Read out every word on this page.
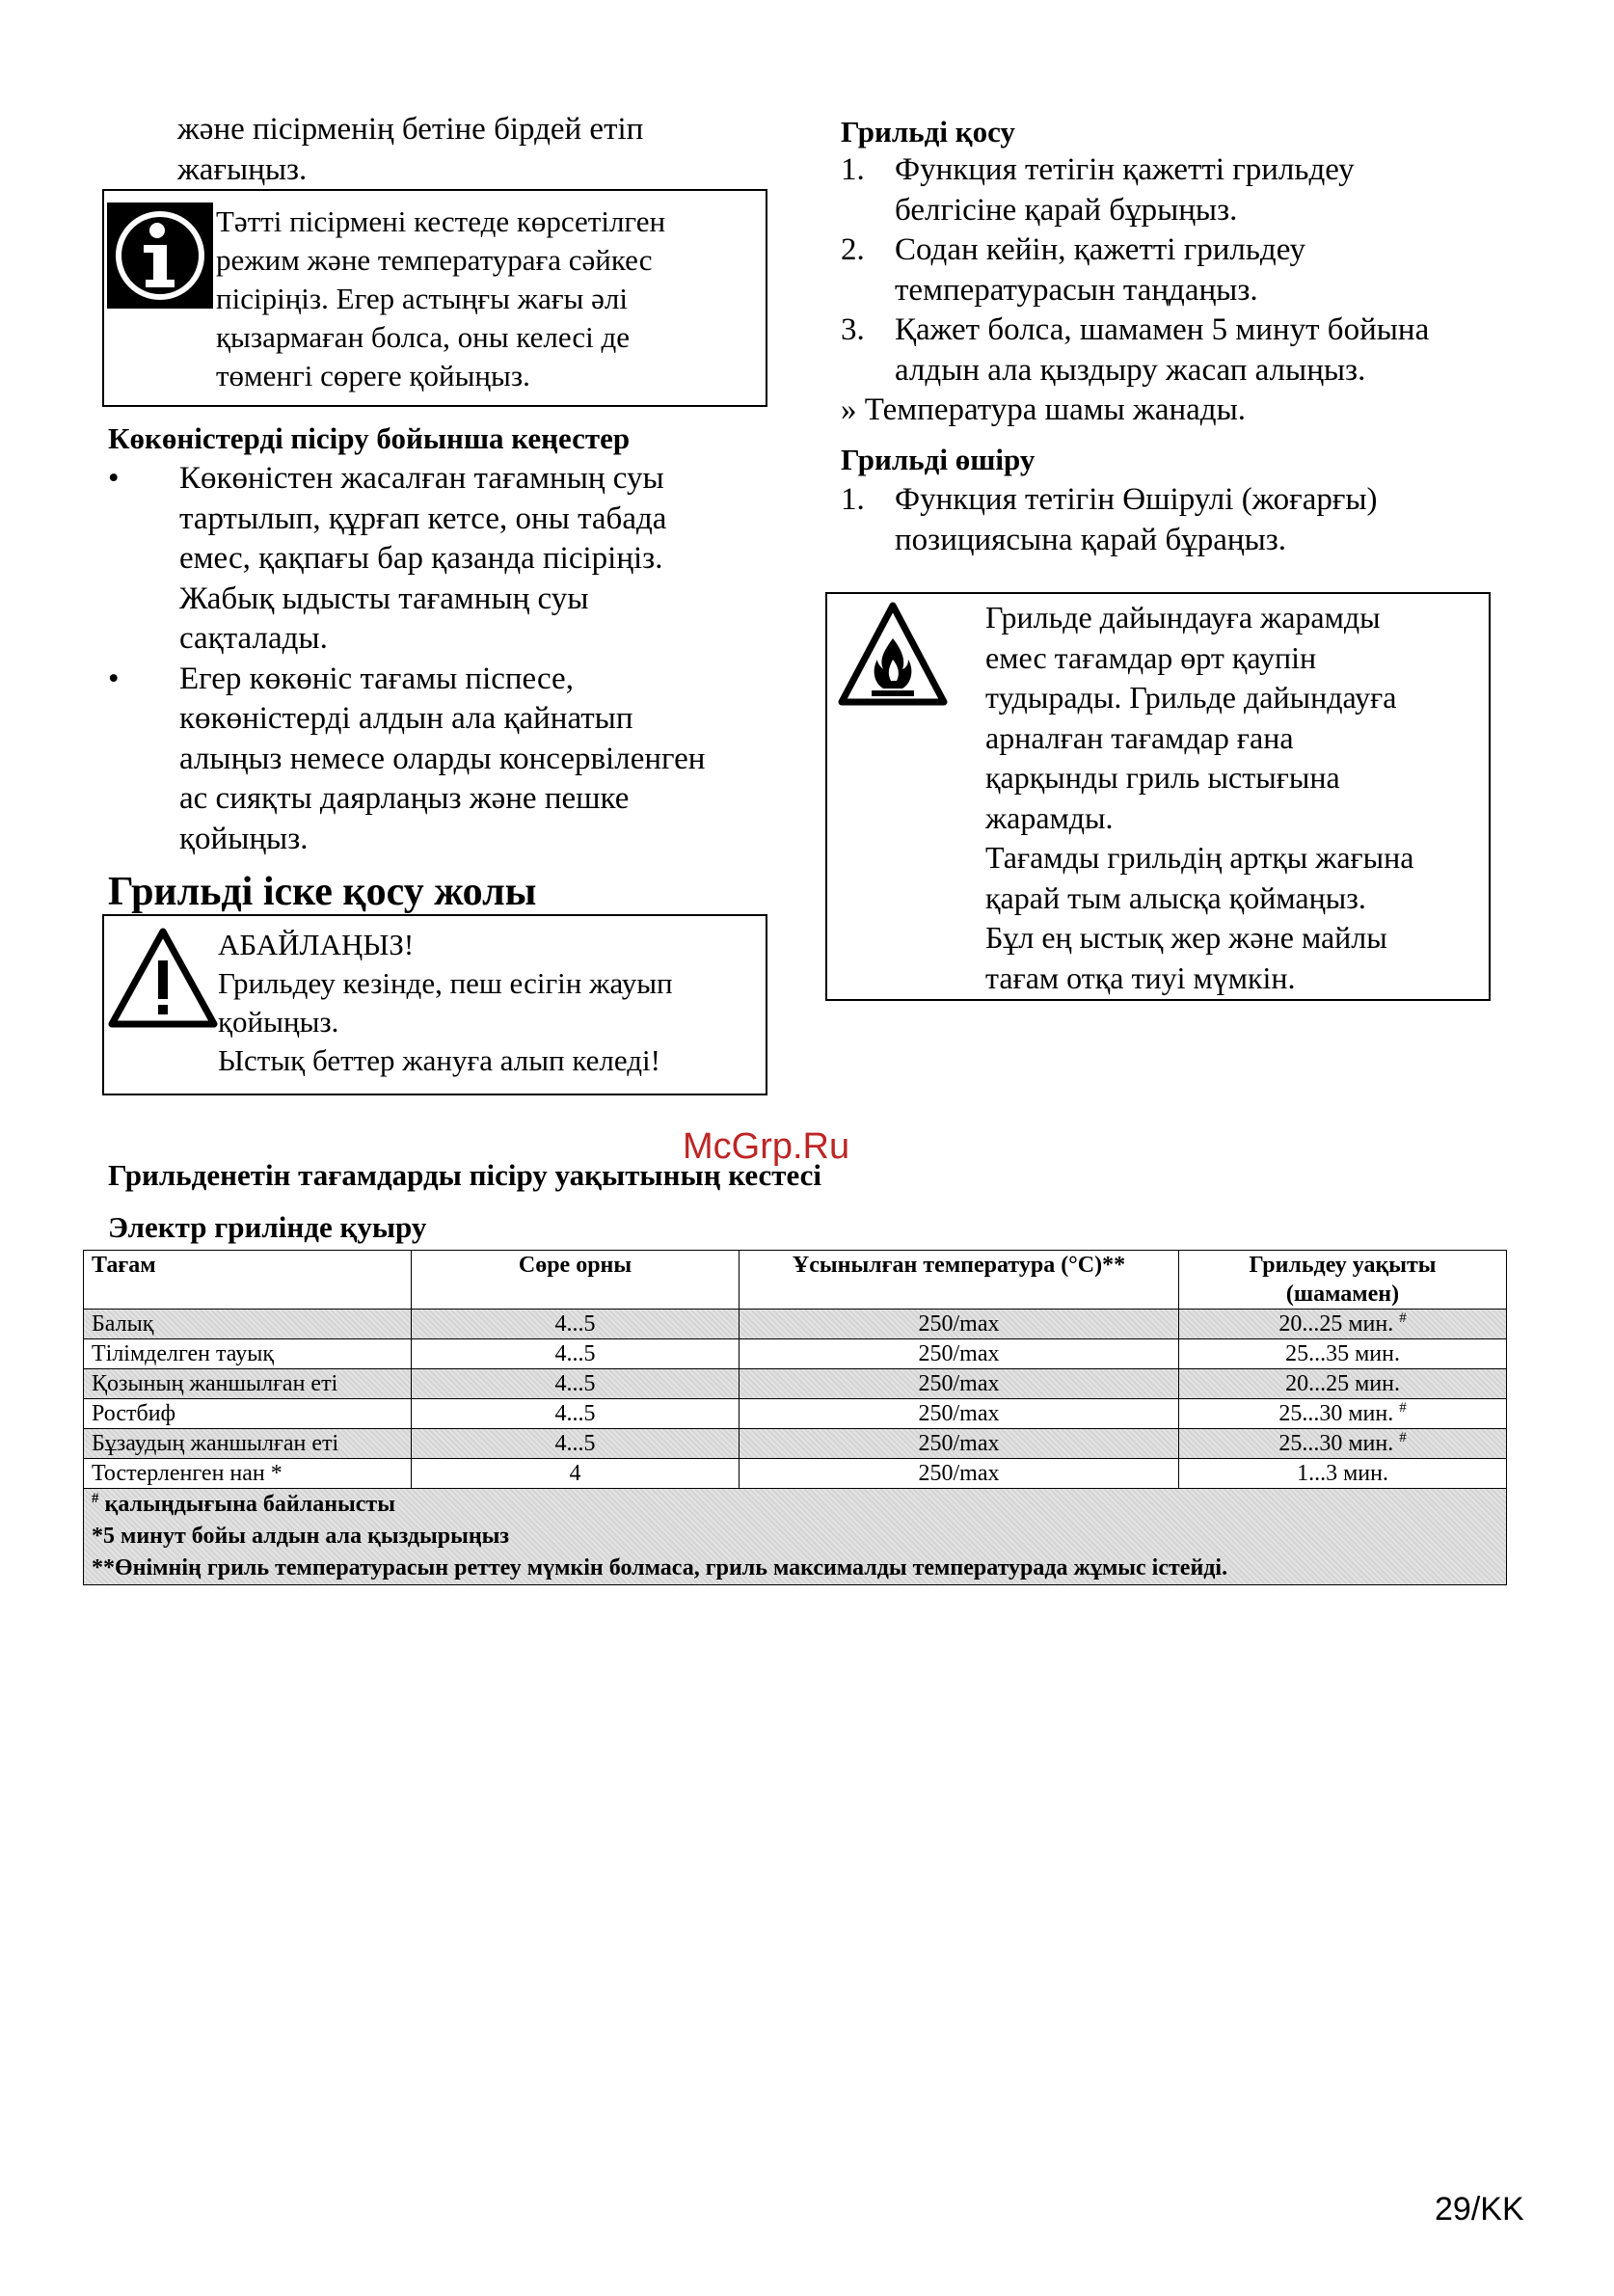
және пісірменің бетіне бірдей етіп
жағыңыз.
Тәтті пісірмені кестеде көрсетілген
режим және температураға сәйкес
пісіріңіз. Егер астыңғы жағы әлі
қызармаған болса, оны келесі де
төменгі сөреге қойыңыз.
Көкөністерді пісіру бойынша кеңестер
• Көкөністен жасалған тағамның суы
тартылып, құрғап кетсе, оны табада
емес, қақпағы бар қазанда пісіріңіз.
Жабық ыдысты тағамның суы
сақталады.
• Егер көкөніс тағамы піспесе,
көкөністерді алдын ала қайнатып
алыңыз немесе оларды консервіленген
ас сияқты даярлаңыз және пешке
қойыңыз.
Грильді іске қосу жолы
АБАЙЛАҢЫЗ!
Грильдеу кезінде, пеш есігін жауып
қойыңыз.
Ыстық беттер жануға алып келеді!
Грильді қосу
1. Функция тетігін қажетті грильдеу
белгісіне қарай бұрыңыз.
2. Содан кейін, қажетті грильдеу
температурасын таңдаңыз.
3. Қажет болса, шамамен 5 минут бойына
алдын ала қыздыру жасап алыңыз.
» Температура шамы жанады.
Грильді өшіру
1. Функция тетігін Өшірулі (жоғарғы)
позициясына қарай бұраңыз.
Грильде дайындауға жарамды
емес тағамдар өрт қаупін
тудырады. Грильде дайындауға
арналған тағамдар ғана
қарқынды гриль ыстығына
жарамды.
Тағамды грильдің артқы жағына
қарай тым алысқа қоймаңыз.
Бұл ең ыстық жер және майлы
тағам отқа тиуі мүмкін.
McGrp.Ru
Грильденетін тағамдарды пісіру уақытының кестесі
Электр грилінде қуыру
Тағам	Сөре орны	Ұсынылған температура (°C)**	Грильдеу уақыты (шамамен)
Балық	4...5	250/max	20...25 мин. #
Тілімделген тауық	4...5	250/max	25...35 мин.
Қозының жаншылған еті	4...5	250/max	20...25 мин.
Ростбиф	4...5	250/max	25...30 мин. #
Бұзаудың жаншылған еті	4...5	250/max	25...30 мин. #
Тостерленген нан *	4	250/max	1...3 мин.

# қалыңдығына байланысты
*5 минут бойы алдын ала қыздырыңыз
**Өнімнің гриль температурасын реттеу мүмкін болмаса, гриль максималды температурада жұмыс істейді.			
29/KK
